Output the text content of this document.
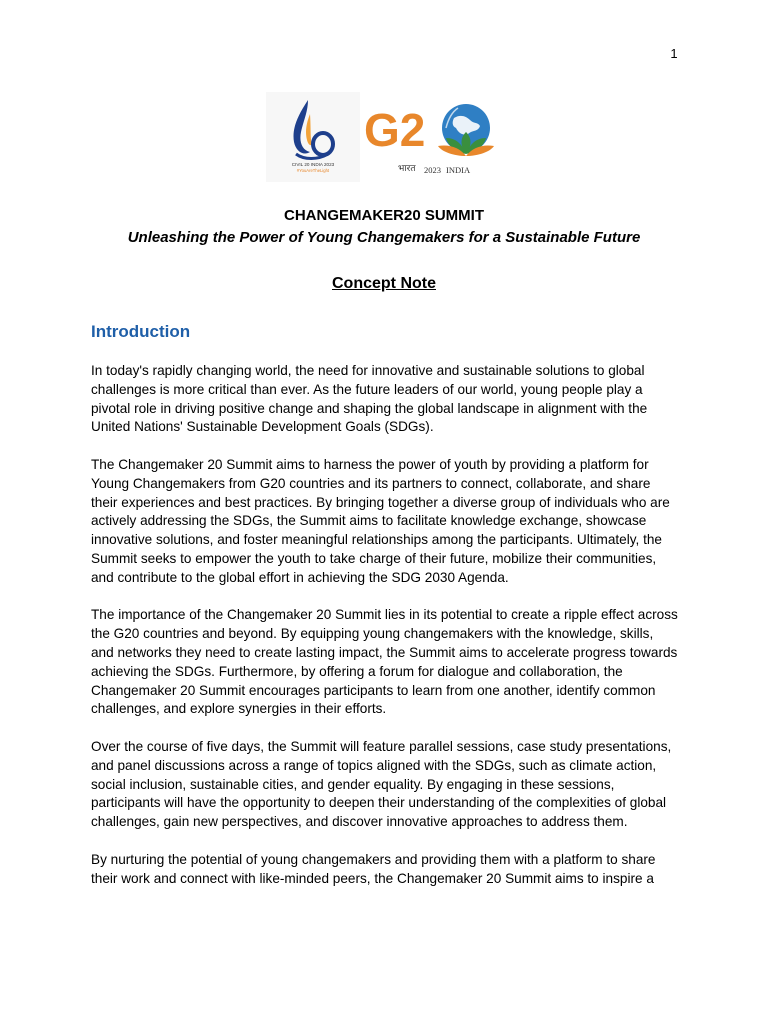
1
CIVIL 20 INDIA 2023
#YouAreTheLight
G2
भारत 2023 INDIA
CHANGEMAKER20 SUMMIT
Unleashing the Power of Young Changemakers for a Sustainable Future
Concept Note
Introduction

In today's rapidly changing world, the need for innovative and sustainable solutions to global challenges is more critical than ever. As the future leaders of our world, young people play a pivotal role in driving positive change and shaping the global landscape in alignment with the United Nations' Sustainable Development Goals (SDGs).

The Changemaker 20 Summit aims to harness the power of youth by providing a platform for Young Changemakers from G20 countries and its partners to connect, collaborate, and share their experiences and best practices. By bringing together a diverse group of individuals who are actively addressing the SDGs, the Summit aims to facilitate knowledge exchange, showcase innovative solutions, and foster meaningful relationships among the participants. Ultimately, the Summit seeks to empower the youth to take charge of their future, mobilize their communities, and contribute to the global effort in achieving the SDG 2030 Agenda.

The importance of the Changemaker 20 Summit lies in its potential to create a ripple effect across the G20 countries and beyond. By equipping young changemakers with the knowledge, skills, and networks they need to create lasting impact, the Summit aims to accelerate progress towards achieving the SDGs. Furthermore, by offering a forum for dialogue and collaboration, the Changemaker 20 Summit encourages participants to learn from one another, identify common challenges, and explore synergies in their efforts.

Over the course of five days, the Summit will feature parallel sessions, case study presentations, and panel discussions across a range of topics aligned with the SDGs, such as climate action, social inclusion, sustainable cities, and gender equality. By engaging in these sessions, participants will have the opportunity to deepen their understanding of the complexities of global challenges, gain new perspectives, and discover innovative approaches to address them.

By nurturing the potential of young changemakers and providing them with a platform to share their work and connect with like-minded peers, the Changemaker 20 Summit aims to inspire a
